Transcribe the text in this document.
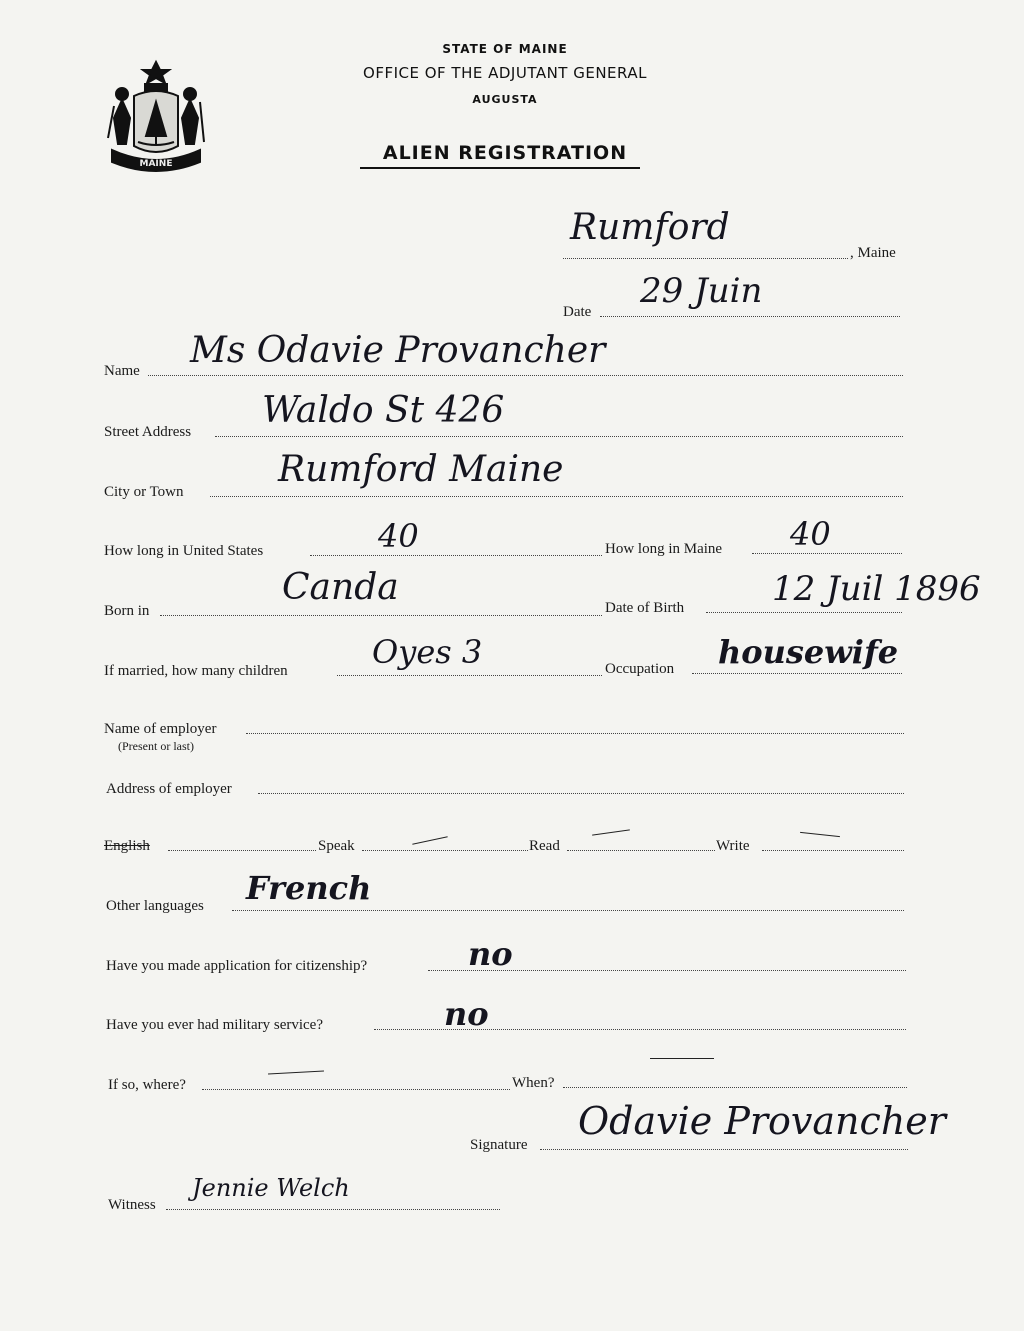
MAINE
STATE OF MAINE
OFFICE OF THE ADJUTANT GENERAL
AUGUSTA
ALIEN REGISTRATION
Rumford
, Maine
Date
29 Juin
Name Ms Odavie Provancher
Street Address
Waldo St 426
City or Town
Rumford Maine
How long in United States	40	How long in Maine 40
Born in
Canda	Date of Birth	12 Juil 1896
If married, how many children	Oyes 3	Occupation housewife
Name of employer
(Present or last)
Address of employer
English	Speak	Read	Write
Other languages French
Have you made application for citizenship?	no
Have you ever had military service?	no
If so, where?	When?
Signature
Odavie Provancher
Witness
Jennie Welch
